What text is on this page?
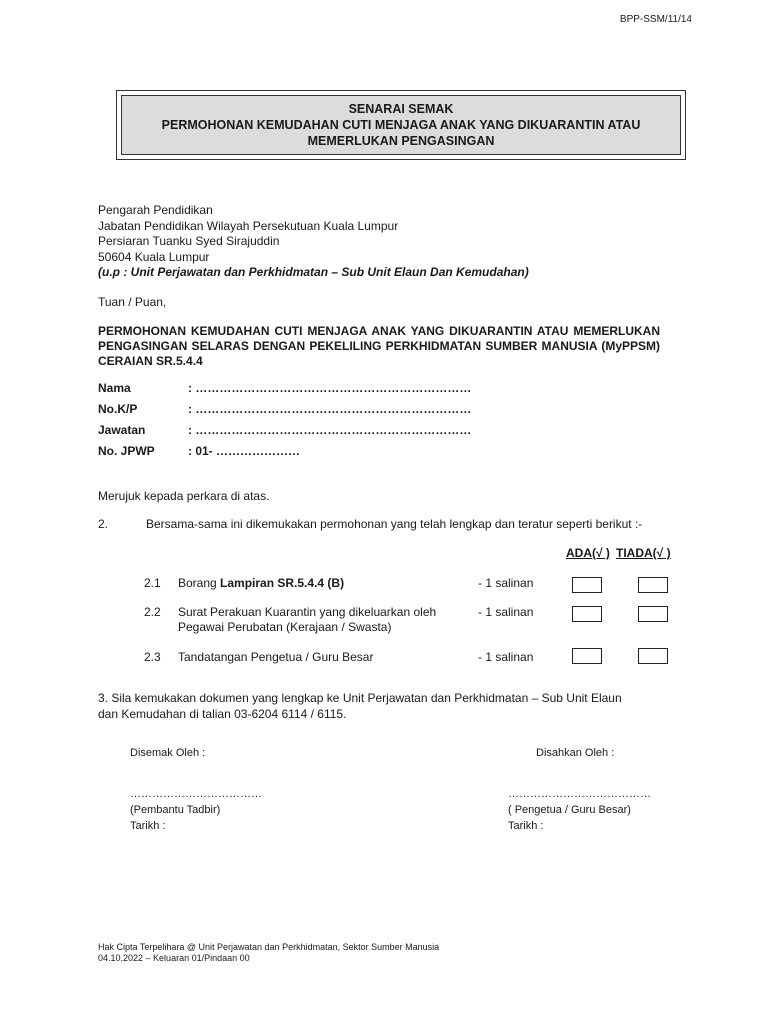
BPP-SSM/11/14
SENARAI SEMAK
PERMOHONAN KEMUDAHAN CUTI MENJAGA ANAK YANG DIKUARANTIN ATAU
MEMERLUKAN PENGASINGAN
Pengarah Pendidikan
Jabatan Pendidikan Wilayah Persekutuan Kuala Lumpur
Persiaran Tuanku Syed Sirajuddin
50604 Kuala Lumpur
(u.p : Unit Perjawatan dan Perkhidmatan – Sub Unit Elaun Dan Kemudahan)
Tuan / Puan,
PERMOHONAN KEMUDAHAN CUTI MENJAGA ANAK YANG DIKUARANTIN ATAU MEMERLUKAN PENGASINGAN SELARAS DENGAN PEKELILING PERKHIDMATAN SUMBER MANUSIA (MyPPSM) CERAIAN SR.5.4.4
Nama	: ……………………………………………………………
No.K/P	: ……………………………………………………………
Jawatan	: ……………………………………………………………
No. JPWP	: 01- …………………
Merujuk kepada perkara di atas.
2.	Bersama-sama ini dikemukakan permohonan yang telah lengkap dan teratur seperti berikut :-
ADA(√ ) TIADA(√ )
2.1 Borang Lampiran SR.5.4.4 (B)	- 1 salinan
2.2 Surat Perakuan Kuarantin yang dikeluarkan oleh
Pegawai Perubatan (Kerajaan / Swasta)
- 1 salinan
2.3 Tandatangan Pengetua / Guru Besar	- 1 salinan
3. Sila kemukakan dokumen yang lengkap ke Unit Perjawatan dan Perkhidmatan – Sub Unit Elaun
dan Kemudahan di talian 03-6204 6114 / 6115.
Disemak Oleh :
………………………………
(Pembantu Tadbir)
Tarikh :
Disahkan Oleh :
…………………………………
( Pengetua / Guru Besar)
Tarikh :
Hak Cipta Terpelihara @ Unit Perjawatan dan Perkhidmatan, Sektor Sumber Manusia
04.10.2022 – Keluaran 01/Pindaan 00
